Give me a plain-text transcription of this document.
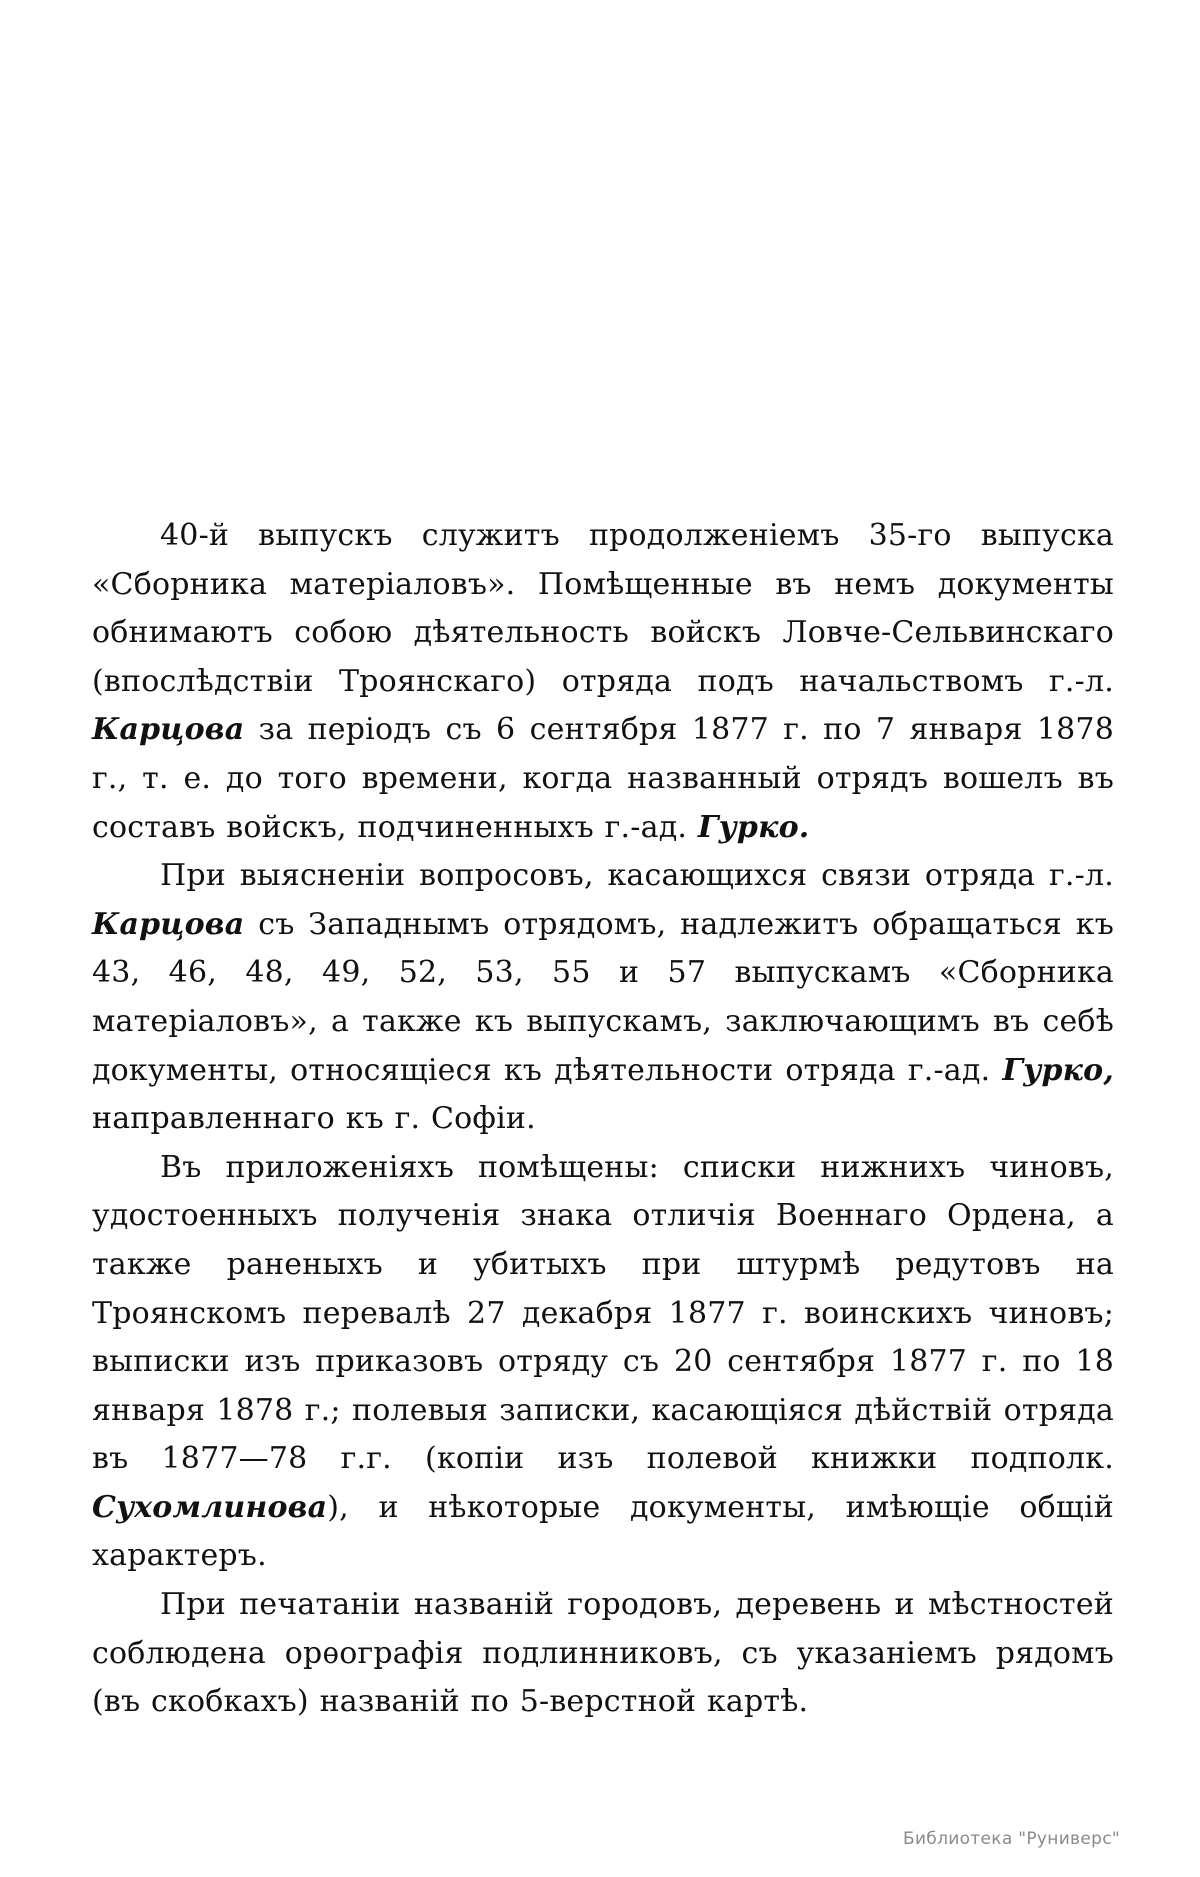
40-й выпускъ служитъ продолженіемъ 35-го выпуска «Сборника матеріаловъ». Помѣщенные въ немъ документы обнимаютъ собою дѣятельность войскъ Ловче-Сельвинскаго (впослѣдствіи Троянскаго) отряда подъ начальствомъ г.-л. Карцова за періодъ съ 6 сентября 1877 г. по 7 января 1878 г., т. е. до того времени, когда названный отрядъ вошелъ въ составъ войскъ, подчиненныхъ г.-ад. Гурко.

При выясненіи вопросовъ, касающихся связи отряда г.-л. Карцова съ Западнымъ отрядомъ, надлежитъ обращаться къ 43, 46, 48, 49, 52, 53, 55 и 57 выпускамъ «Сборника матеріаловъ», а также къ выпускамъ, заключающимъ въ себѣ документы, относящіеся къ дѣятельности отряда г.-ад. Гурко, направленнаго къ г. Софіи.

Въ приложеніяхъ помѣщены: списки нижнихъ чиновъ, удостоенныхъ полученія знака отличія Военнаго Ордена, а также раненыхъ и убитыхъ при штурмѣ редутовъ на Троянскомъ перевалѣ 27 декабря 1877 г. воинскихъ чиновъ; выписки изъ приказовъ отряду съ 20 сентября 1877 г. по 18 января 1878 г.; полевыя записки, касающіяся дѣйствій отряда въ 1877—78 г.г. (копіи изъ полевой книжки подполк. Сухомлинова), и нѣкоторые документы, имѣющіе общій характеръ.

При печатаніи названій городовъ, деревень и мѣстностей соблюдена орѳографія подлинниковъ, съ указаніемъ рядомъ (въ скобкахъ) названій по 5-верстной картѣ.

Библиотека "Руниверс"
